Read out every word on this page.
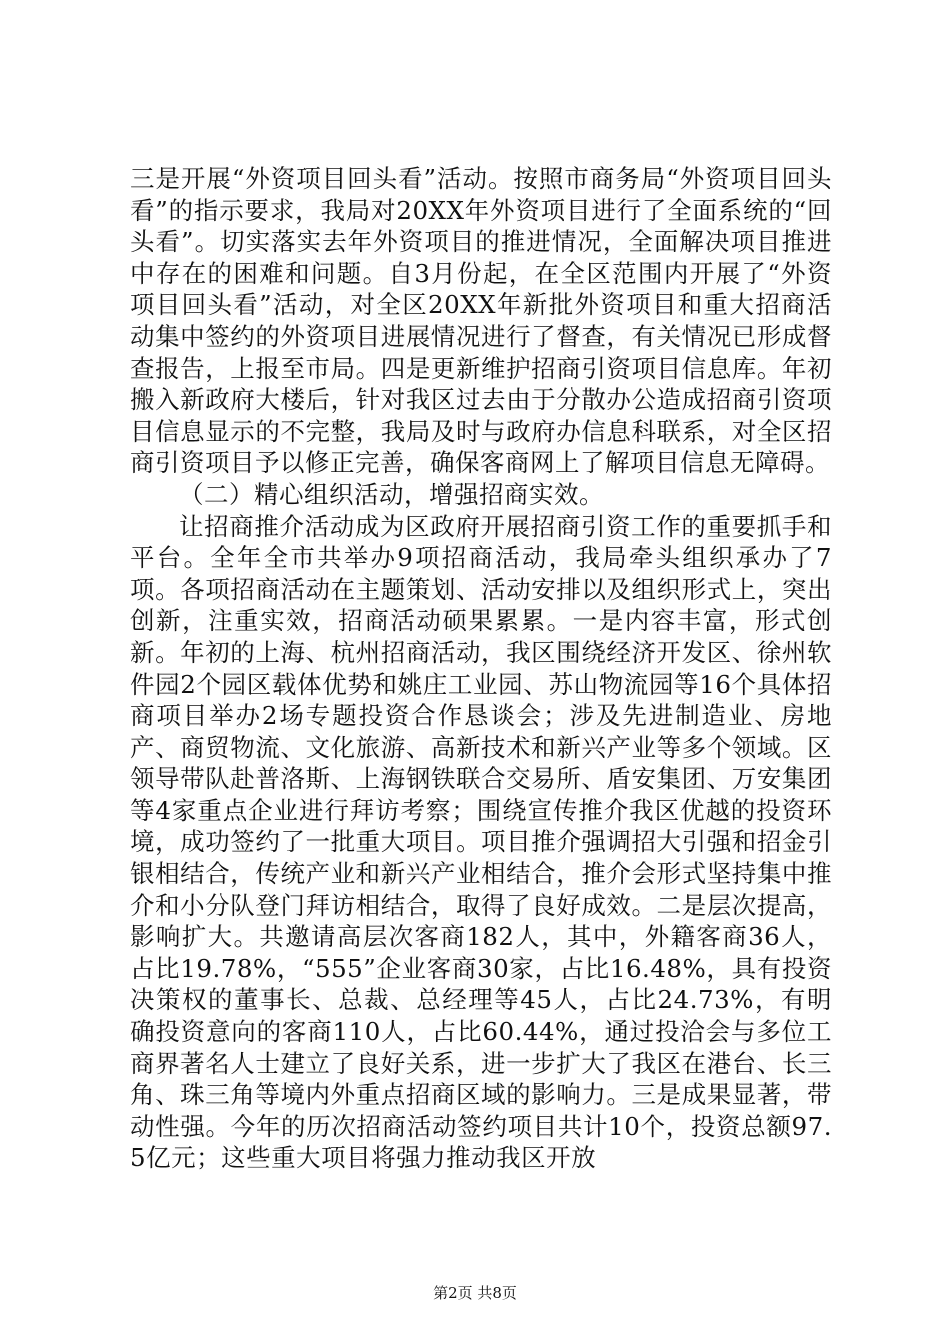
三是开展“外资项目回头看”活动。按照市商务局“外资项目回头看”的指示要求，我局对20XX年外资项目进行了全面系统的“回头看”。切实落实去年外资项目的推进情况，全面解决项目推进中存在的困难和问题。自3月份起，在全区范围内开展了“外资项目回头看”活动，对全区20XX年新批外资项目和重大招商活动集中签约的外资项目进展情况进行了督查，有关情况已形成督查报告，上报至市局。四是更新维护招商引资项目信息库。年初搬入新政府大楼后，针对我区过去由于分散办公造成招商引资项目信息显示的不完整，我局及时与政府办信息科联系，对全区招商引资项目予以修正完善，确保客商网上了解项目信息无障碍。

（二）精心组织活动，增强招商实效。

让招商推介活动成为区政府开展招商引资工作的重要抓手和平台。全年全市共举办9项招商活动，我局牵头组织承办了7项。各项招商活动在主题策划、活动安排以及组织形式上，突出创新，注重实效，招商活动硕果累累。一是内容丰富，形式创新。年初的上海、杭州招商活动，我区围绕经济开发区、徐州软件园2个园区载体优势和姚庄工业园、苏山物流园等16个具体招商项目举办2场专题投资合作恳谈会；涉及先进制造业、房地产、商贸物流、文化旅游、高新技术和新兴产业等多个领域。区领导带队赴普洛斯、上海钢铁联合交易所、盾安集团、万安集团等4家重点企业进行拜访考察；围绕宣传推介我区优越的投资环境，成功签约了一批重大项目。项目推介强调招大引强和招金引银相结合，传统产业和新兴产业相结合，推介会形式坚持集中推介和小分队登门拜访相结合，取得了良好成效。二是层次提高，影响扩大。共邀请高层次客商182人，其中，外籍客商36人，占比19.78%，“555”企业客商30家，占比16.48%，具有投资决策权的董事长、总裁、总经理等45人，占比24.73%，有明确投资意向的客商110人，占比60.44%，通过投洽会与多位工商界著名人士建立了良好关系，进一步扩大了我区在港台、长三角、珠三角等境内外重点招商区域的影响力。三是成果显著，带动性强。今年的历次招商活动签约项目共计10个，投资总额97.5亿元；这些重大项目将强力推动我区开放

第2页 共8页
